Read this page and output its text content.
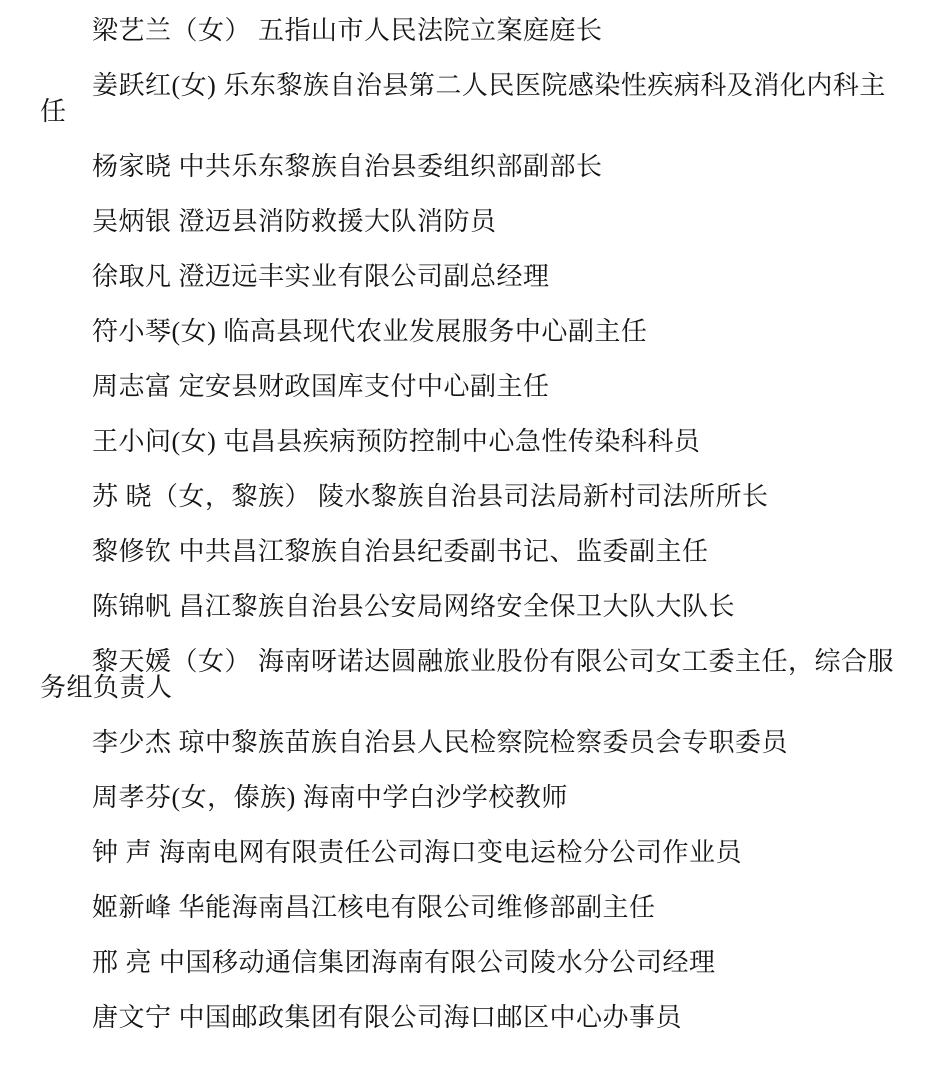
梁艺兰（女） 五指山市人民法院立案庭庭长

姜跃红(女) 乐东黎族自治县第二人民医院感染性疾病科及消化内科主任

杨家晓 中共乐东黎族自治县委组织部副部长

吴炳银 澄迈县消防救援大队消防员

徐取凡 澄迈远丰实业有限公司副总经理

符小琴(女) 临高县现代农业发展服务中心副主任

周志富 定安县财政国库支付中心副主任

王小问(女) 屯昌县疾病预防控制中心急性传染科科员

苏 晓（女，黎族） 陵水黎族自治县司法局新村司法所所长

黎修钦 中共昌江黎族自治县纪委副书记、监委副主任

陈锦帆 昌江黎族自治县公安局网络安全保卫大队大队长

黎天媛（女） 海南呀诺达圆融旅业股份有限公司女工委主任，综合服务组负责人

李少杰 琼中黎族苗族自治县人民检察院检察委员会专职委员

周孝芬(女，傣族) 海南中学白沙学校教师

钟 声 海南电网有限责任公司海口变电运检分公司作业员

姬新峰 华能海南昌江核电有限公司维修部副主任

邢 亮 中国移动通信集团海南有限公司陵水分公司经理

唐文宁 中国邮政集团有限公司海口邮区中心办事员
